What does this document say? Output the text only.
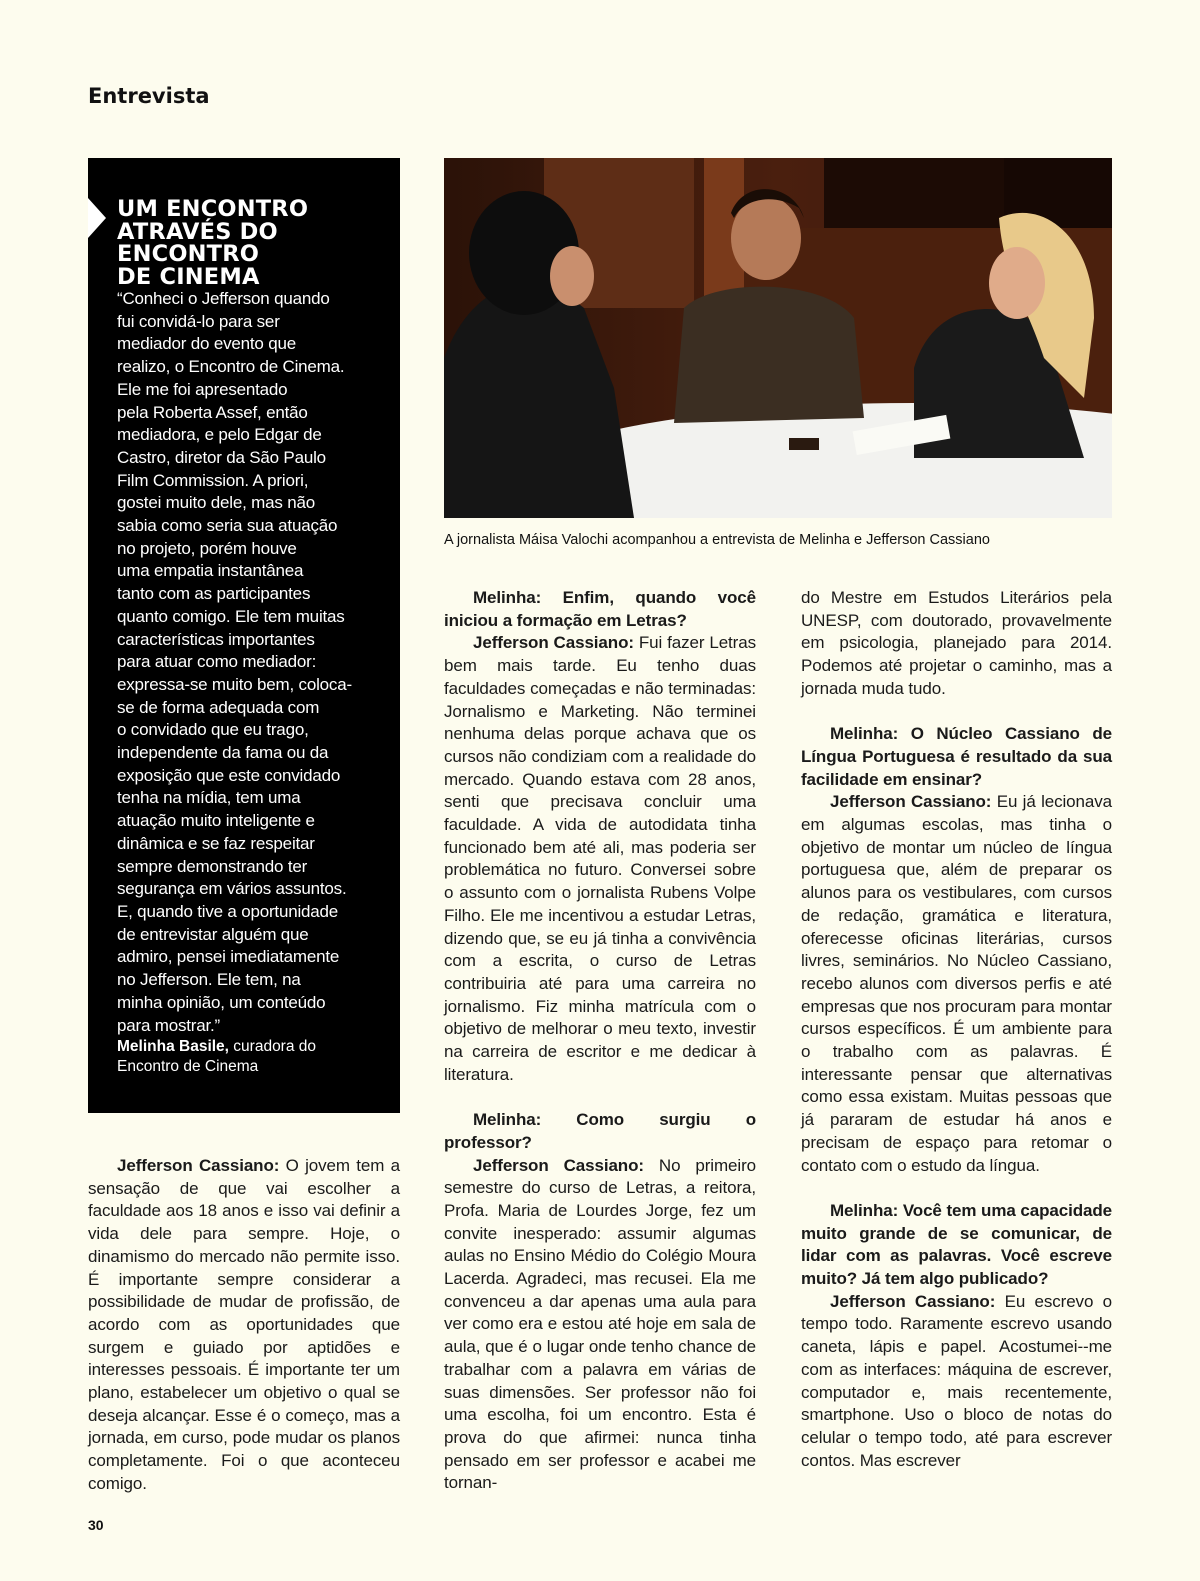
Entrevista
UM ENCONTRO
ATRAVÉS DO
ENCONTRO
DE CINEMA

“Conheci o Jefferson quando
fui convidá-lo para ser
mediador do evento que
realizo, o Encontro de Cinema.
Ele me foi apresentado
pela Roberta Assef, então
mediadora, e pelo Edgar de
Castro, diretor da São Paulo
Film Commission. A priori,
gostei muito dele, mas não
sabia como seria sua atuação
no projeto, porém houve
uma empatia instantânea
tanto com as participantes
quanto comigo. Ele tem muitas
características importantes
para atuar como mediador:
expressa-se muito bem, coloca-
se de forma adequada com
o convidado que eu trago,
independente da fama ou da
exposição que este convidado
tenha na mídia, tem uma
atuação muito inteligente e
dinâmica e se faz respeitar
sempre demonstrando ter
segurança em vários assuntos.
E, quando tive a oportunidade
de entrevistar alguém que
admiro, pensei imediatamente
no Jefferson. Ele tem, na
minha opinião, um conteúdo
para mostrar.”

Melinha Basile, curadora do
Encontro de Cinema

A jornalista Máisa Valochi acompanhou a entrevista de Melinha e Jefferson Cassiano

Jefferson Cassiano: O jovem tem a sensação de que vai escolher a faculdade aos 18 anos e isso vai definir a vida dele para sempre. Hoje, o dinamismo do mercado não permite isso. É importante sempre considerar a possibilidade de mudar de profissão, de acordo com as oportunidades que surgem e guiado por aptidões e interesses pessoais. É importante ter um plano, estabelecer um objetivo o qual se deseja alcançar. Esse é o começo, mas a jornada, em curso, pode mudar os planos completamente. Foi o que aconteceu comigo.

Melinha: Enfim, quando você iniciou a formação em Letras?

Jefferson Cassiano: Fui fazer Letras bem mais tarde. Eu tenho duas faculdades começadas e não terminadas: Jornalismo e Marketing. Não terminei nenhuma delas porque achava que os cursos não condiziam com a realidade do mercado. Quando estava com 28 anos, senti que precisava concluir uma faculdade. A vida de autodidata tinha funcionado bem até ali, mas poderia ser problemática no futuro. Conversei sobre o assunto com o jornalista Rubens Volpe Filho. Ele me incentivou a estudar Letras, dizendo que, se eu já tinha a convivência com a escrita, o curso de Letras contribuiria até para uma carreira no jornalismo. Fiz minha matrícula com o objetivo de melhorar o meu texto, investir na carreira de escritor e me dedicar à literatura.

Melinha: Como surgiu o professor?

Jefferson Cassiano: No primeiro semestre do curso de Letras, a reitora, Profa. Maria de Lourdes Jorge, fez um convite inesperado: assumir algumas aulas no Ensino Médio do Colégio Moura Lacerda. Agradeci, mas recusei. Ela me convenceu a dar apenas uma aula para ver como era e estou até hoje em sala de aula, que é o lugar onde tenho chance de trabalhar com a palavra em várias de suas dimensões. Ser professor não foi uma escolha, foi um encontro. Esta é prova do que afirmei: nunca tinha pensado em ser professor e acabei me tornan-

do Mestre em Estudos Literários pela UNESP, com doutorado, provavelmente em psicologia, planejado para 2014. Podemos até projetar o caminho, mas a jornada muda tudo.

Melinha: O Núcleo Cassiano de Língua Portuguesa é resultado da sua facilidade em ensinar?

Jefferson Cassiano: Eu já lecionava em algumas escolas, mas tinha o objetivo de montar um núcleo de língua portuguesa que, além de preparar os alunos para os vestibulares, com cursos de redação, gramática e literatura, oferecesse oficinas literárias, cursos livres, seminários. No Núcleo Cassiano, recebo alunos com diversos perfis e até empresas que nos procuram para montar cursos específicos. É um ambiente para o trabalho com as palavras. É interessante pensar que alternativas como essa existam. Muitas pessoas que já pararam de estudar há anos e precisam de espaço para retomar o contato com o estudo da língua.

Melinha: Você tem uma capacidade muito grande de se comunicar, de lidar com as palavras. Você escreve muito? Já tem algo publicado?

Jefferson Cassiano: Eu escrevo o tempo todo. Raramente escrevo usando caneta, lápis e papel. Acostumei--me com as interfaces: máquina de escrever, computador e, mais recentemente, smartphone. Uso o bloco de notas do celular o tempo todo, até para escrever contos. Mas escrever

30
